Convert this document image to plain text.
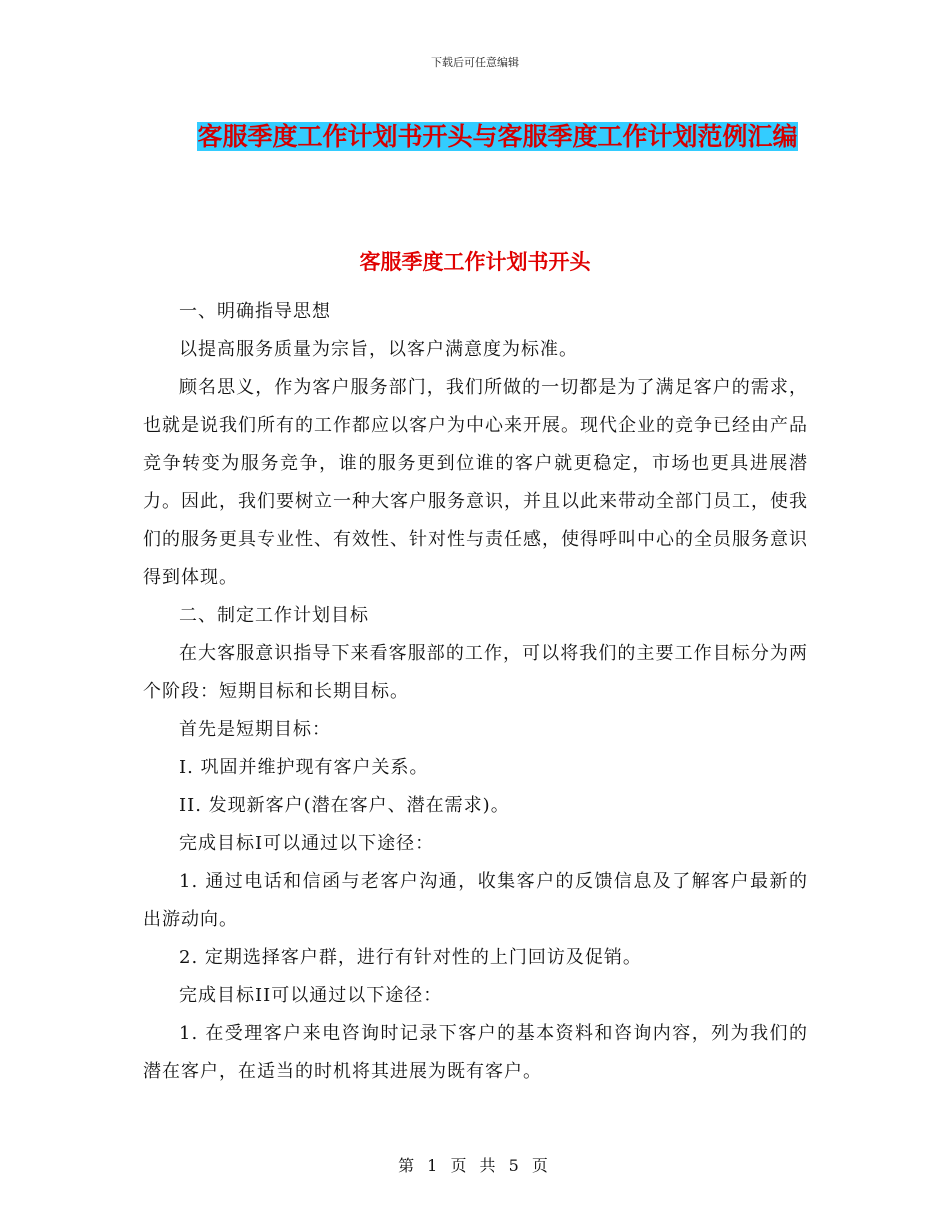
下载后可任意编辑
客服季度工作计划书开头与客服季度工作计划范例汇编
客服季度工作计划书开头

一、明确指导思想

以提高服务质量为宗旨，以客户满意度为标准。

顾名思义，作为客户服务部门，我们所做的一切都是为了满足客户的需求，也就是说我们所有的工作都应以客户为中心来开展。现代企业的竞争已经由产品竞争转变为服务竞争，谁的服务更到位谁的客户就更稳定，市场也更具进展潜力。因此，我们要树立一种大客户服务意识，并且以此来带动全部门员工，使我们的服务更具专业性、有效性、针对性与责任感，使得呼叫中心的全员服务意识得到体现。

二、制定工作计划目标

在大客服意识指导下来看客服部的工作，可以将我们的主要工作目标分为两个阶段：短期目标和长期目标。

首先是短期目标：

I. 巩固并维护现有客户关系。

II. 发现新客户(潜在客户、潜在需求)。

完成目标I可以通过以下途径：

1. 通过电话和信函与老客户沟通，收集客户的反馈信息及了解客户最新的出游动向。

2. 定期选择客户群，进行有针对性的上门回访及促销。

完成目标II可以通过以下途径：

1. 在受理客户来电咨询时记录下客户的基本资料和咨询内容，列为我们的潜在客户，在适当的时机将其进展为既有客户。

第 1 页 共 5 页
